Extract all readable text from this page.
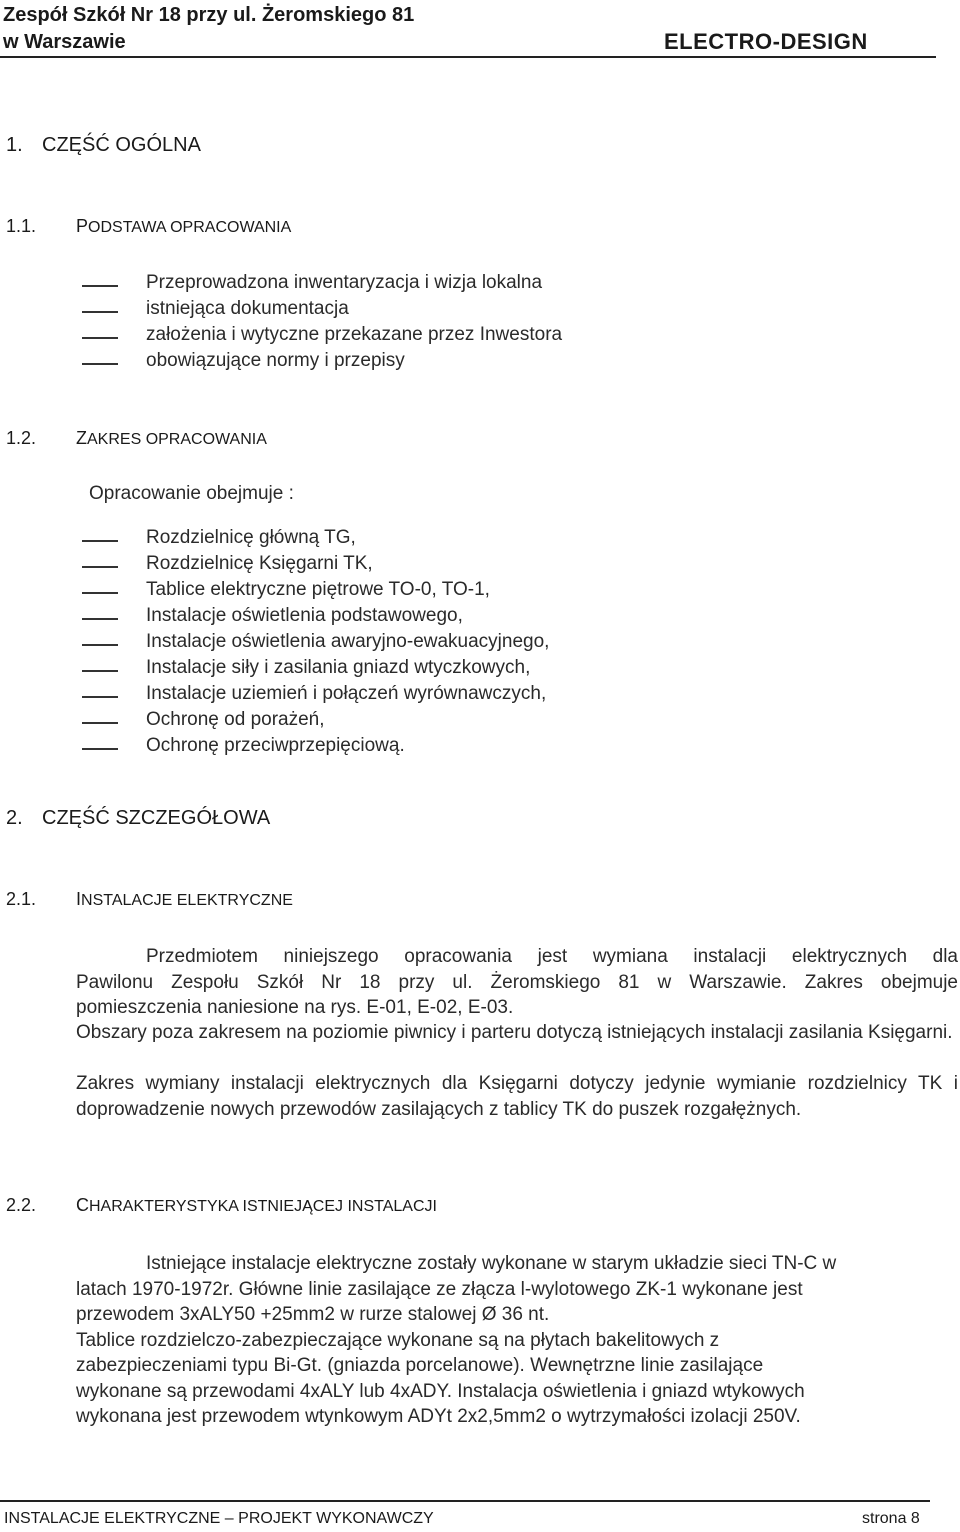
Zespół Szkół Nr 18 przy ul. Żeromskiego 81
w Warszawie	ELECTRO-DESIGN
1. CZĘŚĆ OGÓLNA
1.1. PODSTAWA OPRACOWANIA
Przeprowadzona inwentaryzacja i wizja lokalna
istniejąca dokumentacja
założenia i wytyczne przekazane przez Inwestora
obowiązujące normy i przepisy
1.2. ZAKRES OPRACOWANIA
Opracowanie obejmuje :
Rozdzielnicę główną TG,
Rozdzielnicę Księgarni TK,
Tablice elektryczne piętrowe TO-0, TO-1,
Instalacje oświetlenia podstawowego,
Instalacje oświetlenia awaryjno-ewakuacyjnego,
Instalacje siły i zasilania gniazd wtyczkowych,
Instalacje uziemień i połączeń wyrównawczych,
Ochronę od porażeń,
Ochronę przeciwprzepięciową.
2. CZĘŚĆ SZCZEGÓŁOWA
2.1. INSTALACJE ELEKTRYCZNE

Przedmiotem niniejszego opracowania jest wymiana instalacji elektrycznych dla

Pawilonu Zespołu Szkół Nr 18 przy ul. Żeromskiego 81 w Warszawie. Zakres obejmuje

pomieszczenia naniesione na rys. E-01, E-02, E-03.

Obszary poza zakresem na poziomie piwnicy i parteru dotyczą istniejących instalacji zasilania Księgarni.
Zakres wymiany instalacji elektrycznych dla Księgarni dotyczy jedynie wymianie rozdzielnicy TK i doprowadzenie nowych przewodów zasilających z tablicy TK do puszek rozgałężnych.
2.2. CHARAKTERYSTYKA ISTNIEJĄCEJ INSTALACJI

Istniejące instalacje elektryczne zostały wykonane w starym układzie sieci TN-C w

latach 1970-1972r. Główne linie zasilające ze złącza l-wylotowego ZK-1 wykonane jest

przewodem 3xALY50 +25mm2 w rurze stalowej Ø 36 nt.

Tablice rozdzielczo-zabezpieczające wykonane są na płytach bakelitowych z

zabezpieczeniami typu Bi-Gt. (gniazda porcelanowe). Wewnętrzne linie zasilające

wykonane są przewodami 4xALY lub 4xADY. Instalacja oświetlenia i gniazd wtykowych

wykonana jest przewodem wtynkowym ADYt 2x2,5mm2 o wytrzymałości izolacji 250V.

INSTALACJE ELEKTRYCZNE – PROJEKT WYKONAWCZY	strona 8
